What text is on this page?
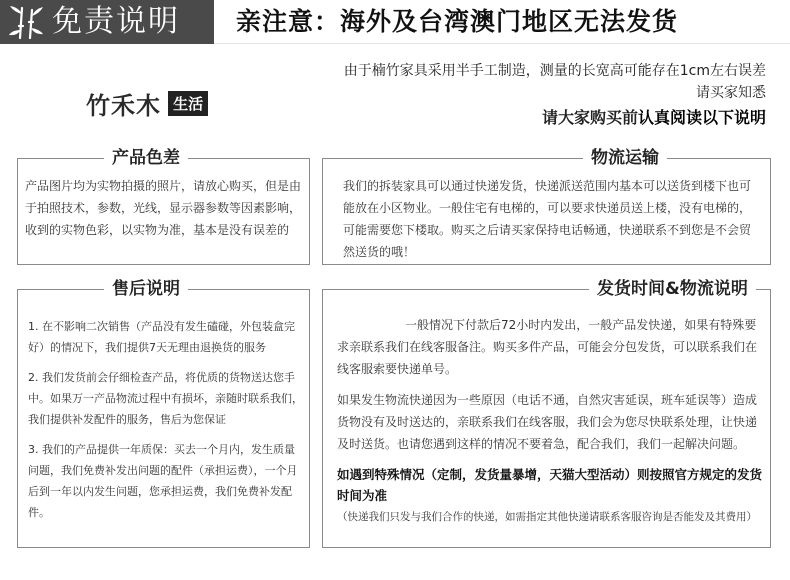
免责说明 亲注意：海外及台湾澳门地区无法发货
竹禾木 生活
由于楠竹家具采用半手工制造，测量的长宽高可能存在1cm左右误差
请买家知悉
请大家购买前认真阅读以下说明
产品色差
产品图片均为实物拍摄的照片，请放心购买，但是由于拍照技术，参数，光线，显示器参数等因素影响，收到的实物色彩，以实物为准，基本是没有误差的
物流运输
我们的拆装家具可以通过快递发货，快递派送范围内基本可以送货到楼下也可能放在小区物业。一般住宅有电梯的，可以要求快递员送上楼，没有电梯的，可能需要您下楼取。购买之后请买家保持电话畅通，快递联系不到您是不会贸然送货的哦！
售后说明
1. 在不影响二次销售（产品没有发生磕碰，外包装盒完好）的情况下，我们提供7天无理由退换货的服务
2. 我们发货前会仔细检查产品，将优质的货物送达您手中。如果万一产品物流过程中有损坏，亲随时联系我们，我们提供补发配件的服务，售后为您保证
3. 我们的产品提供一年质保：买去一个月内，发生质量问题，我们免费补发出问题的配件（承担运费），一个月后到一年以内发生问题，您承担运费，我们免费补发配件。
发货时间&物流说明
一般情况下付款后72小时内发出，一般产品发快递，如果有特殊要求亲联系我们在线客服备注。购买多件产品，可能会分包发货，可以联系我们在线客服索要快递单号。
如果发生物流快递因为一些原因（电话不通，自然灾害延误，班车延误等）造成货物没有及时送达的，亲联系我们在线客服，我们会为您尽快联系处理，让快递及时送货。也请您遇到这样的情况不要着急，配合我们，我们一起解决问题。
如遇到特殊情况（定制，发货量暴增，天猫大型活动）则按照官方规定的发货时间为准
（快递我们只发与我们合作的快递，如需指定其他快递请联系客服咨询是否能发及其费用）
